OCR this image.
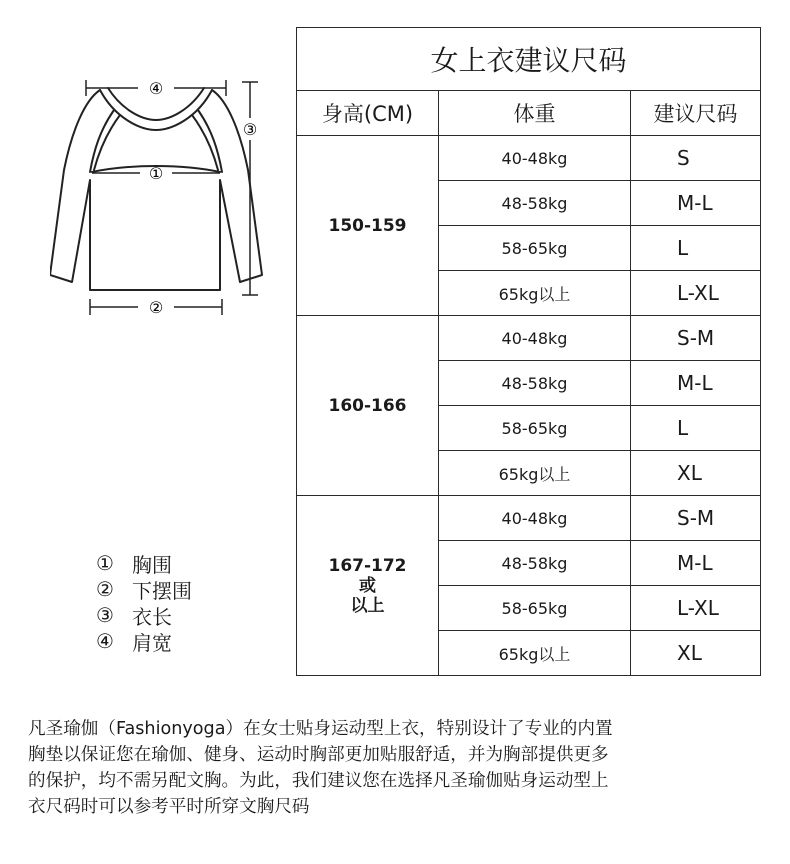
④
①
②
③
① 胸围
② 下摆围
③ 衣长
④ 肩宽
女上衣建议尺码		
身高(CM)	体重	建议尺码

150-159	40-48kg	S
	48-58kg	M-L
	58-65kg	L
	65kg以上	L-XL

160-166	40-48kg	S-M
	48-58kg	M-L
	58-65kg	L
	65kg以上	XL

167-172
或
以上	40-48kg	S-M
	48-58kg	M-L
	58-65kg	L-XL
	65kg以上	XL

凡圣瑜伽（Fashionyoga）在女士贴身运动型上衣，特别设计了专业的内置

胸垫以保证您在瑜伽、健身、运动时胸部更加贴服舒适，并为胸部提供更多

的保护，均不需另配文胸。为此，我们建议您在选择凡圣瑜伽贴身运动型上

衣尺码时可以参考平时所穿文胸尺码
